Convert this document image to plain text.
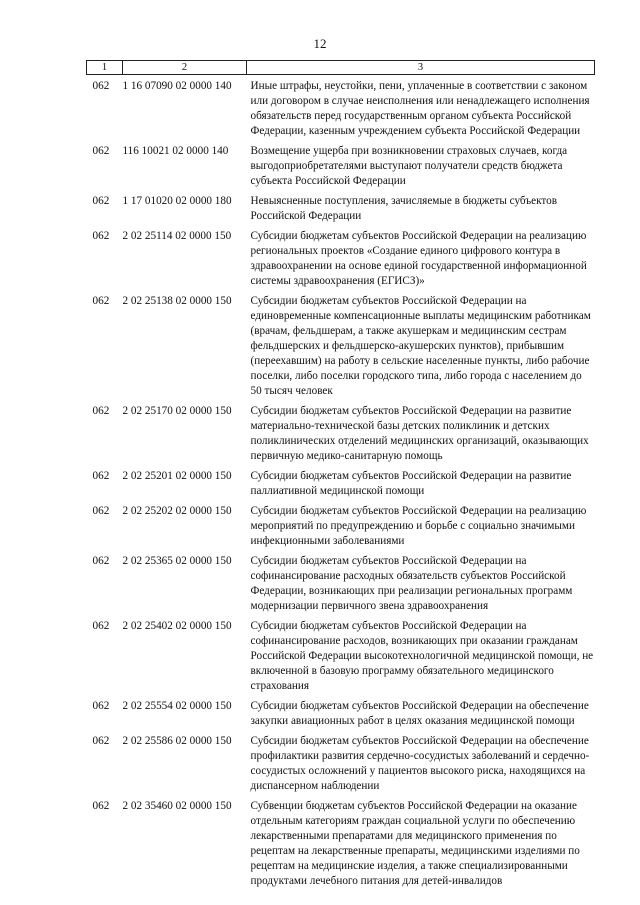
12
1	2	3
062	1 16 07090 02 0000 140	Иные штрафы, неустойки, пени, уплаченные в соответствии с законом или договором в случае неисполнения или ненадлежащего исполнения обязательств перед государственным органом субъекта Российской Федерации, казенным учреждением субъекта Российской Федерации
062	116 10021 02 0000 140	Возмещение ущерба при возникновении страховых случаев, когда выгодоприобретателями выступают получатели средств бюджета субъекта Российской Федерации
062	1 17 01020 02 0000 180	Невыясненные поступления, зачисляемые в бюджеты субъектов Российской Федерации
062	2 02 25114 02 0000 150	Субсидии бюджетам субъектов Российской Федерации на реализацию региональных проектов «Создание единого цифрового контура в здравоохранении на основе единой государственной информационной системы здравоохранения (ЕГИСЗ)»
062	2 02 25138 02 0000 150	Субсидии бюджетам субъектов Российской Федерации на единовременные компенсационные выплаты медицинским работникам (врачам, фельдшерам, а также акушеркам и медицинским сестрам фельдшерских и фельдшерско-акушерских пунктов), прибывшим (переехавшим) на работу в сельские населенные пункты, либо рабочие поселки, либо поселки городского типа, либо города с населением до 50 тысяч человек
062	2 02 25170 02 0000 150	Субсидии бюджетам субъектов Российской Федерации на развитие материально-технической базы детских поликлиник и детских поликлинических отделений медицинских организаций, оказывающих первичную медико-санитарную помощь
062	2 02 25201 02 0000 150	Субсидии бюджетам субъектов Российской Федерации на развитие паллиативной медицинской помощи
062	2 02 25202 02 0000 150	Субсидии бюджетам субъектов Российской Федерации на реализацию мероприятий по предупреждению и борьбе с социально значимыми инфекционными заболеваниями
062	2 02 25365 02 0000 150	Субсидии бюджетам субъектов Российской Федерации на софинансирование расходных обязательств субъектов Российской Федерации, возникающих при реализации региональных программ модернизации первичного звена здравоохранения
062	2 02 25402 02 0000 150	Субсидии бюджетам субъектов Российской Федерации на софинансирование расходов, возникающих при оказании гражданам Российской Федерации высокотехнологичной медицинской помощи, не включенной в базовую программу обязательного медицинского страхования
062	2 02 25554 02 0000 150	Субсидии бюджетам субъектов Российской Федерации на обеспечение закупки авиационных работ в целях оказания медицинской помощи
062	2 02 25586 02 0000 150	Субсидии бюджетам субъектов Российской Федерации на обеспечение профилактики развития сердечно-сосудистых заболеваний и сердечно-сосудистых осложнений у пациентов высокого риска, находящихся на диспансерном наблюдении
062	2 02 35460 02 0000 150	Субвенции бюджетам субъектов Российской Федерации на оказание отдельным категориям граждан социальной услуги по обеспечению лекарственными препаратами для медицинского применения по рецептам на лекарственные препараты, медицинскими изделиями по рецептам на медицинские изделия, а также специализированными продуктами лечебного питания для детей-инвалидов
